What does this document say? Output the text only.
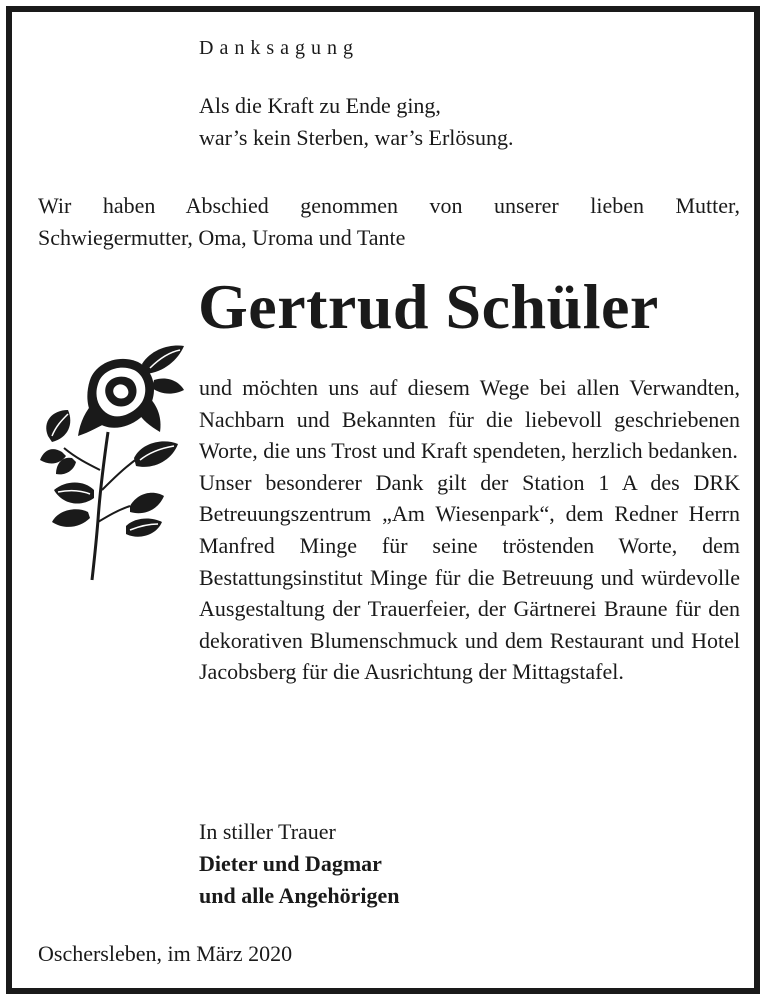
Danksagung
Als die Kraft zu Ende ging,
war’s kein Sterben, war’s Erlösung.
Wir haben Abschied genommen von unserer lieben Mutter,
Schwiegermutter, Oma, Uroma und Tante
Gertrud Schüler

und möchten uns auf diesem Wege bei allen Verwandten, Nachbarn und Bekannten für die liebevoll geschriebenen Worte, die uns Trost und Kraft spendeten, herzlich bedanken.

Unser besonderer Dank gilt der Station 1 A des DRK Betreuungszentrum „Am Wiesenpark“, dem Redner Herrn Manfred Minge für seine tröstenden Worte, dem Bestattungsinstitut Minge für die Betreuung und würdevolle Ausgestaltung der Trauerfeier, der Gärtnerei Braune für den dekorativen Blumenschmuck und dem Restaurant und Hotel Jacobsberg für die Ausrichtung der Mittagstafel.

In stiller Trauer
Dieter und Dagmar
und alle Angehörigen
Oschersleben, im März 2020
